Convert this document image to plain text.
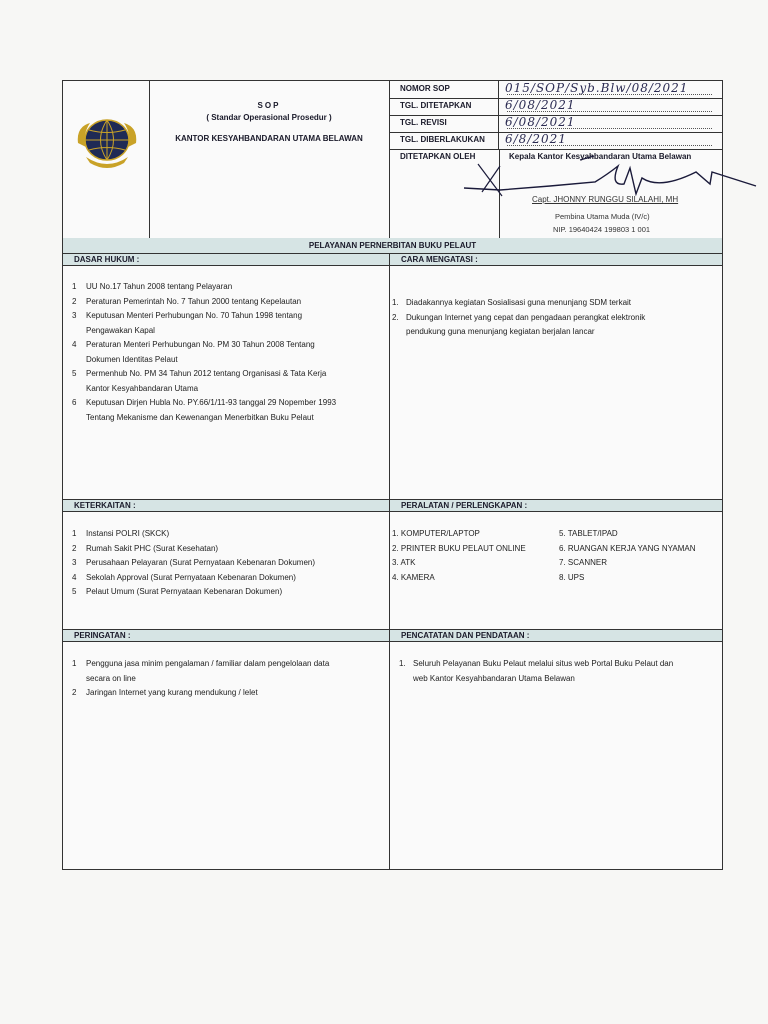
SOP
( Standar Operasional Prosedur )
KANTOR KESYAHBANDARAN UTAMA BELAWAN
NOMOR SOP	015/SOP/Syb.Blw/08/2021
TGL. DITETAPKAN	6/08/2021
TGL. REVISI	6/08/2021
TGL. DIBERLAKUKAN	6/8/2021
DITETAPKAN OLEH	Kepala Kantor Kesyahbandaran Utama Belawan
Capt. JHONNY RUNGGU SILALAHI, MH
Pembina Utama Muda (IV/c)
NIP. 19640424 199803 1 001
PELAYANAN PERNERBITAN BUKU PELAUT
DASAR HUKUM :	CARA MENGATASI :
1 UU No.17 Tahun 2008 tentang Pelayaran
2 Peraturan Pemerintah No. 7 Tahun 2000 tentang Kepelautan
3 Keputusan Menteri Perhubungan No. 70 Tahun 1998 tentang
Pengawakan Kapal
4 Peraturan Menteri Perhubungan No. PM 30 Tahun 2008 Tentang
Dokumen Identitas Pelaut
5 Permenhub No. PM 34 Tahun 2012 tentang Organisasi & Tata Kerja
Kantor Kesyahbandaran Utama
6 Keputusan Dirjen Hubla No. PY.66/1/11-93 tanggal 29 Nopember 1993
Tentang Mekanisme dan Kewenangan Menerbitkan Buku Pelaut
1. Diadakannya kegiatan Sosialisasi guna menunjang SDM terkait
2. Dukungan Internet yang cepat dan pengadaan perangkat elektronik
pendukung guna menunjang kegiatan berjalan lancar
KETERKAITAN :	PERALATAN / PERLENGKAPAN :
1 Instansi POLRI (SKCK)
2 Rumah Sakit PHC (Surat Kesehatan)
3 Perusahaan Pelayaran (Surat Pernyataan Kebenaran Dokumen)
4 Sekolah Approval (Surat Pernyataan Kebenaran Dokumen)
5 Pelaut Umum (Surat Pernyataan Kebenaran Dokumen)
1. KOMPUTER/LAPTOP
2. PRINTER BUKU PELAUT ONLINE
3. ATK
4. KAMERA
5. TABLET/IPAD
6. RUANGAN KERJA YANG NYAMAN
7. SCANNER
8. UPS
PERINGATAN :	PENCATATAN DAN PENDATAAN :
1 Pengguna jasa minim pengalaman / familiar dalam pengelolaan data
secara on line
2 Jaringan Internet yang kurang mendukung / lelet
1. Seluruh Pelayanan Buku Pelaut melalui situs web Portal Buku Pelaut dan
web Kantor Kesyahbandaran Utama Belawan
